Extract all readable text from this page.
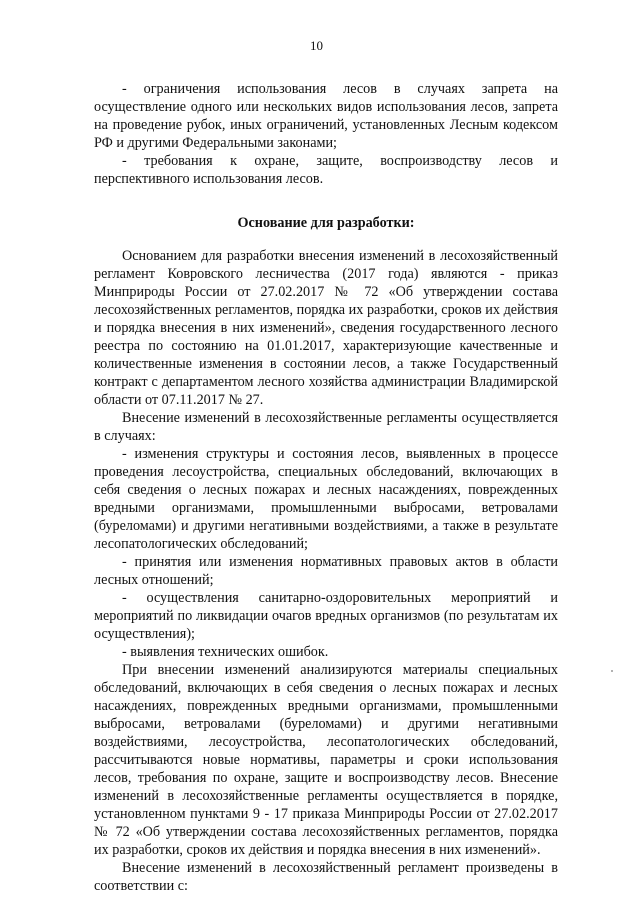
10

- ограничения использования лесов в случаях запрета на осуществление одного или нескольких видов использования лесов, запрета на проведение рубок, иных ограничений, установленных Лесным кодексом РФ и другими Федеральными законами;

- требования к охране, защите, воспроизводству лесов и перспективного использования лесов.

Основание для разработки:

Основанием для разработки внесения изменений в лесохозяйственный регламент Ковровского лесничества (2017 года) являются - приказ Минприроды России от 27.02.2017 № 72 «Об утверждении состава лесохозяйственных регламентов, порядка их разработки, сроков их действия и порядка внесения в них изменений», сведения государственного лесного реестра по состоянию на 01.01.2017, характеризующие качественные и количественные изменения в состоянии лесов, а также Государственный контракт с департаментом лесного хозяйства администрации Владимирской области от 07.11.2017 № 27.

Внесение изменений в лесохозяйственные регламенты осуществляется в случаях:

- изменения структуры и состояния лесов, выявленных в процессе проведения лесоустройства, специальных обследований, включающих в себя сведения о лесных пожарах и лесных насаждениях, поврежденных вредными организмами, промышленными выбросами, ветровалами (буреломами) и другими негативными воздействиями, а также в результате лесопатологических обследований;

- принятия или изменения нормативных правовых актов в области лесных отношений;

- осуществления санитарно-оздоровительных мероприятий и мероприятий по ликвидации очагов вредных организмов (по результатам их осуществления);

- выявления технических ошибок.

При внесении изменений анализируются материалы специальных обследований, включающих в себя сведения о лесных пожарах и лесных насаждениях, поврежденных вредными организмами, промышленными выбросами, ветровалами (буреломами) и другими негативными воздействиями, лесоустройства, лесопатологических обследований, рассчитываются новые нормативы, параметры и сроки использования лесов, требования по охране, защите и воспроизводству лесов. Внесение изменений в лесохозяйственные регламенты осуществляется в порядке, установленном пунктами 9 - 17 приказа Минприроды России от 27.02.2017 № 72 «Об утверждении состава лесохозяйственных регламентов, порядка их разработки, сроков их действия и порядка внесения в них изменений».

Внесение изменений в лесохозяйственный регламент произведены в соответствии с:
